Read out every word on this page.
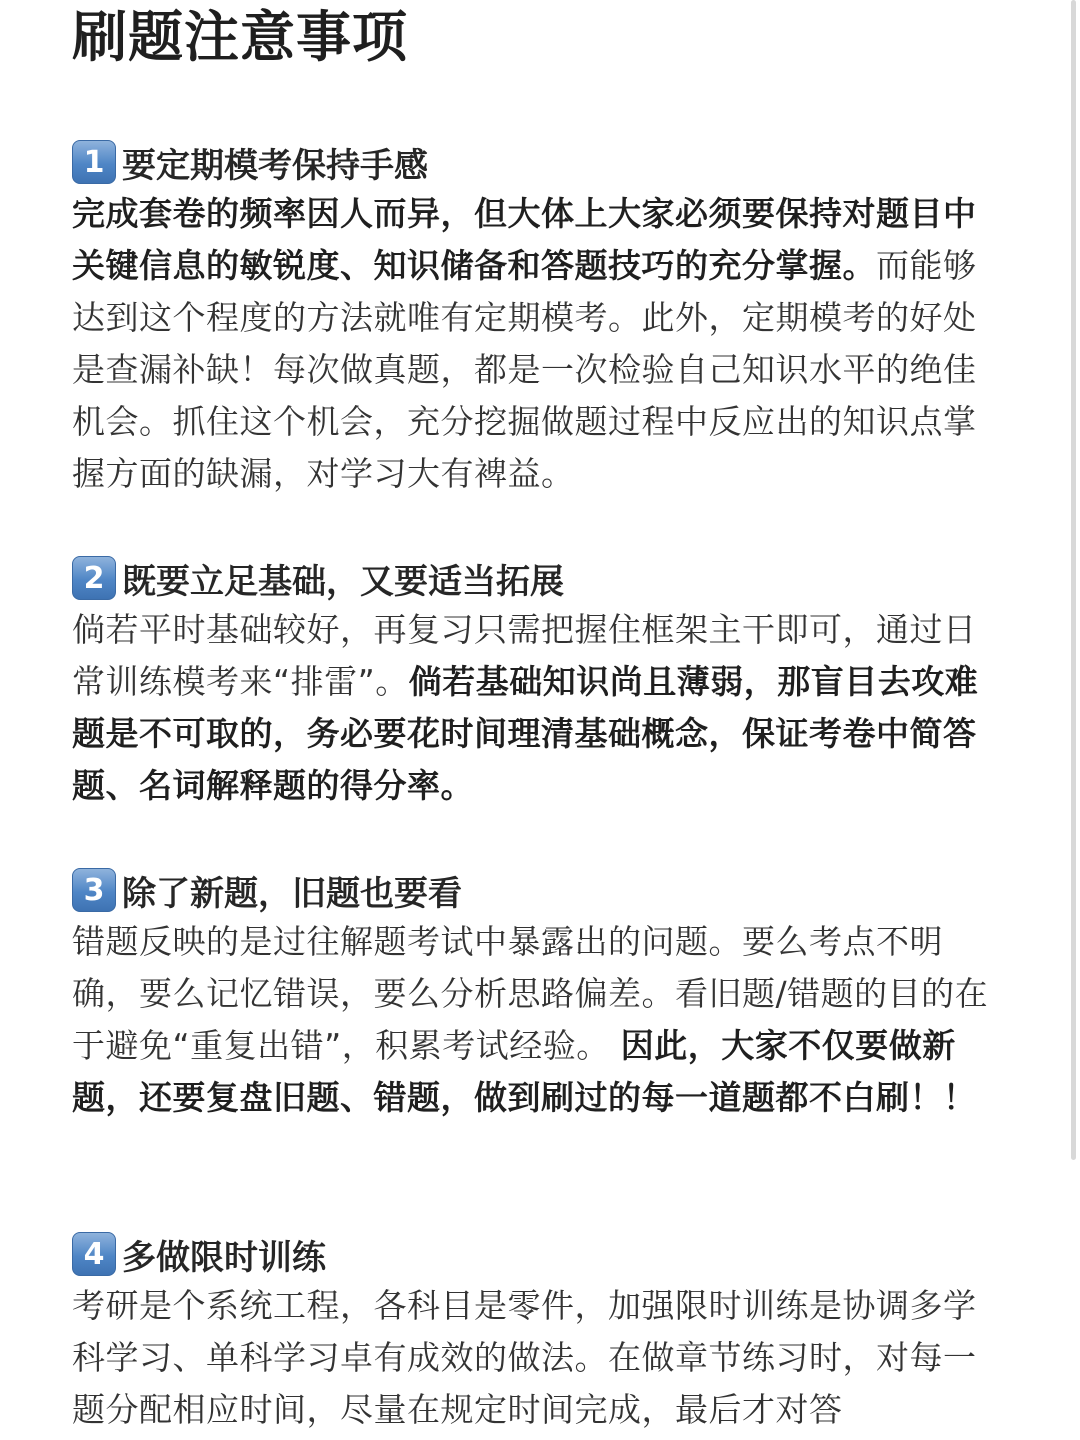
刷题注意事项
1 要定期模考保持手感

完成套卷的频率因人而异，但大体上大家必须要保持对题目中关键信息的敏锐度、知识储备和答题技巧的充分掌握。而能够达到这个程度的方法就唯有定期模考。此外，定期模考的好处是查漏补缺！每次做真题，都是一次检验自己知识水平的绝佳机会。抓住这个机会，充分挖掘做题过程中反应出的知识点掌握方面的缺漏，对学习大有裨益。

2 既要立足基础，又要适当拓展

倘若平时基础较好，再复习只需把握住框架主干即可，通过日常训练模考来“排雷”。倘若基础知识尚且薄弱，那盲目去攻难题是不可取的，务必要花时间理清基础概念，保证考卷中简答题、名词解释题的得分率。

3 除了新题，旧题也要看

错题反映的是过往解题考试中暴露出的问题。要么考点不明确，要么记忆错误，要么分析思路偏差。看旧题/错题的目的在于避免“重复出错”，积累考试经验。 因此，大家不仅要做新题，还要复盘旧题、错题，做到刷过的每一道题都不白刷！！

4 多做限时训练

考研是个系统工程，各科目是零件，加强限时训练是协调多学科学习、单科学习卓有成效的做法。在做章节练习时，对每一题分配相应时间，尽量在规定时间完成，最后才对答
